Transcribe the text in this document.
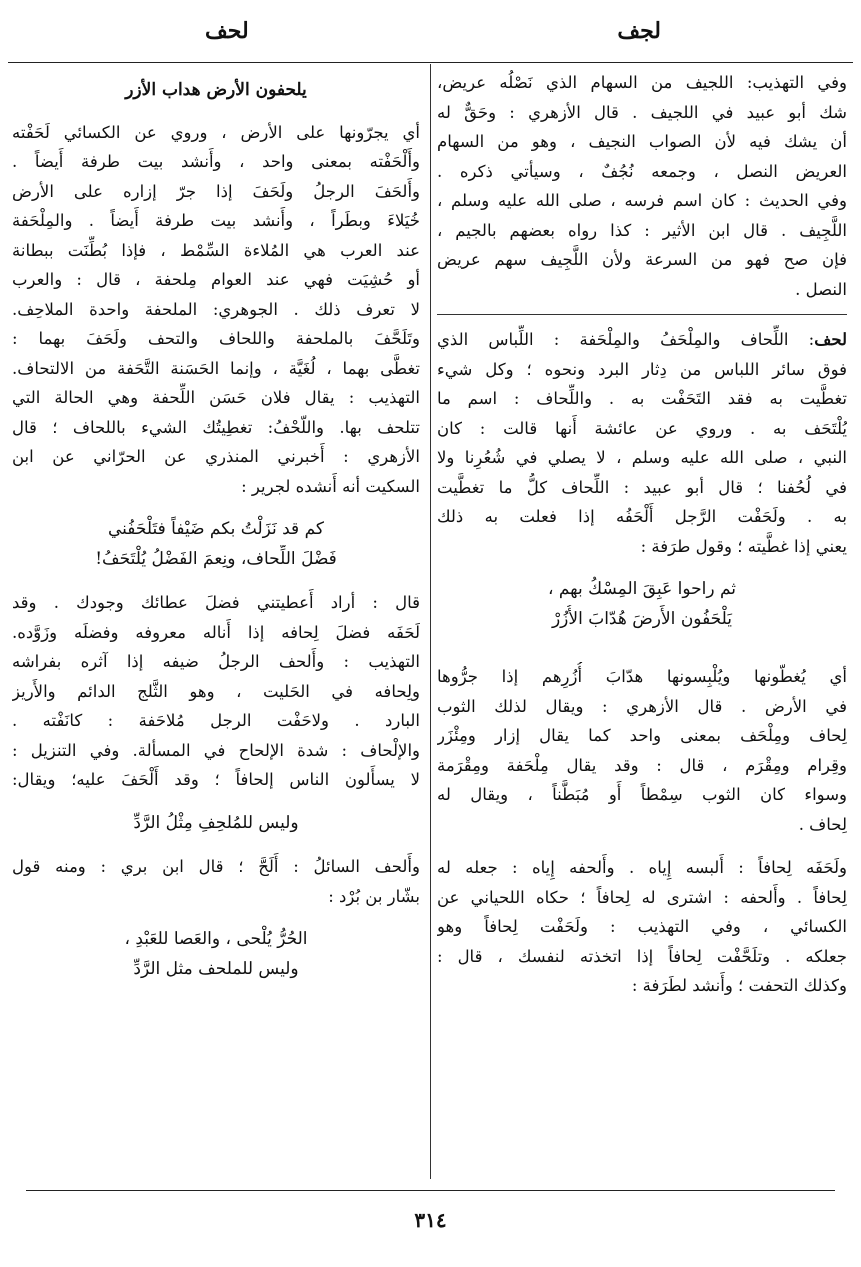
لجف
لحف
وفي التهذيب: اللجيف من السهام الذي نَصْلُه عريض،
شك أبو عبيد في اللجيف . قال الأزهري : وحَقٌّ له
أن يشك فيه لأن الصواب النجيف ، وهو من السهام
العريض النصل ، وجمعه نُجُفٌ ، وسيأتي ذكره .
وفي الحديث : كان اسم فرسه ، صلى الله عليه وسلم ،
اللَّجِيف . قال ابن الأثير : كذا رواه بعضهم بالجيم ،
فإن صح فهو من السرعة ولأن اللَّجِيف سهم عريض
النصل .
لحف: اللِّحاف والمِلْحَفُ والمِلْحَفة : اللِّباس الذي
فوق سائر اللباس من دِثار البرد ونحوه ؛ وكل شيء
تغطَّيت به فقد التَحَفْت به . واللِّحاف : اسم ما
يُلْتَحَف به . وروي عن عائشة أَنها قالت : كان
النبي ، صلى الله عليه وسلم ، لا يصلي في شُعُرِنا ولا
في لُحُفنا ؛ قال أبو عبيد : اللِّحاف كلُّ ما تغطَّيت
به . ولَحَفْت الرَّجل أَلْحَفُه إذا فعلت به ذلك
يعني إذا غطَّيته ؛ وقول طرَفة :
ثم راحوا عَبِقَ المِسْكُ بهم ،
يَلْحَفُون الأَرضَ هُدّابَ الأُزُرْ
أي يُغطّونها ويُلْبِسونها هدّابَ أُزُرِهم إذا جرُّوها
في الأرض . قال الأزهري : ويقال لذلك الثوب
لِحاف ومِلْحَف بمعنى واحد كما يقال إزار ومِئْزَر
وقِرام ومِقْرَم ، قال : وقد يقال مِلْحَفة ومِقْرَمة
وسواء كان الثوب سِمْطاً أَو مُبَطَّناً ، ويقال له
لِحاف .
ولَحَفَه لِحافاً : أَلبسه إِياه . وأَلحفه إِياه : جعله له
لِحافاً . وأَلحفه : اشترى له لِحافاً ؛ حكاه اللحياني عن
الكسائي ، وفي التهذيب : ولَحَفْت لِحافاً وهو
جعلكه . وتلَحَّفْت لِحافاً إذا اتخذته لنفسك ، قال :
وكذلك التحفت ؛ وأَنشد لطَرَفة :
يلحفون الأرض هداب الأزر
أي يجرّونها على الأرض ، وروي عن الكسائي لَحَفْته
وأَلْحَفْته بمعنى واحد ، وأَنشد بيت طرفة أَيضاً .
وأَلحَفَ الرجلُ ولَحَفَ إذا جرّ إزاره على الأرض
خُيَلاءَ وبطَراً ، وأَنشد بيت طرفة أَيضاً . والمِلْحَفة
عند العرب هي المُلاءة السِّمْط ، فإذا بُطِّنَت ببطانة
أو حُشِيَت فهي عند العوام مِلحفة ، قال : والعرب
لا تعرف ذلك . الجوهري: الملحفة واحدة الملاحِف.
وتَلَحَّفَ بالملحفة واللحاف والتحف ولَحَفَ بهما :
تغطَّى بهما ، لُغَيَّة ، وإنما الحَسَنة التَّحَفة من الالتحاف.
التهذيب : يقال فلان حَسَن اللِّحفة وهي الحالة التي
تتلحف بها. واللّحْفُ: تغطِيتُك الشيء باللحاف ؛ قال
الأزهري : أَخبرني المنذري عن الحرّاني عن ابن
السكيت أنه أَنشده لجرير :
كم قد نَزَلْتُ بكم ضَيْفاً فتَلْحَفُني
فَضْلَ اللِّحاف، ونِعمَ الفَضْلُ يُلْتَحَفُ!
قال : أراد أَعطيتني فضلَ عطائك وجودك . وقد
لَحَفَه فضلَ لِحافه إذا أَناله معروفه وفضلَه وزَوَّده.
التهذيب : وأَلحف الرجلُ ضيفه إذا آثره بفراشه
ولِحافه في الحَليت ، وهو الثَّلج الدائم والأَريز
البارد . ولاحَفْت الرجل مُلاحَفة : كانَفْته .
والإلْحاف : شدة الإلحاح في المسألة. وفي التنزيل :
لا يسأَلون الناس إلحافاً ؛ وقد أَلْحَفَ عليه؛ ويقال:
وليس للمُلحِفِ مِثْلُ الرَّدِّ
وأَلحف السائلُ : أَلَحَّ ؛ قال ابن بري : ومنه قول
بشّار بن بُرْد :
الحُرُّ يُلْحى ، والعَصا للعَبْدِ ،
وليس للملحف مثل الرَّدِّ
٣١٤
